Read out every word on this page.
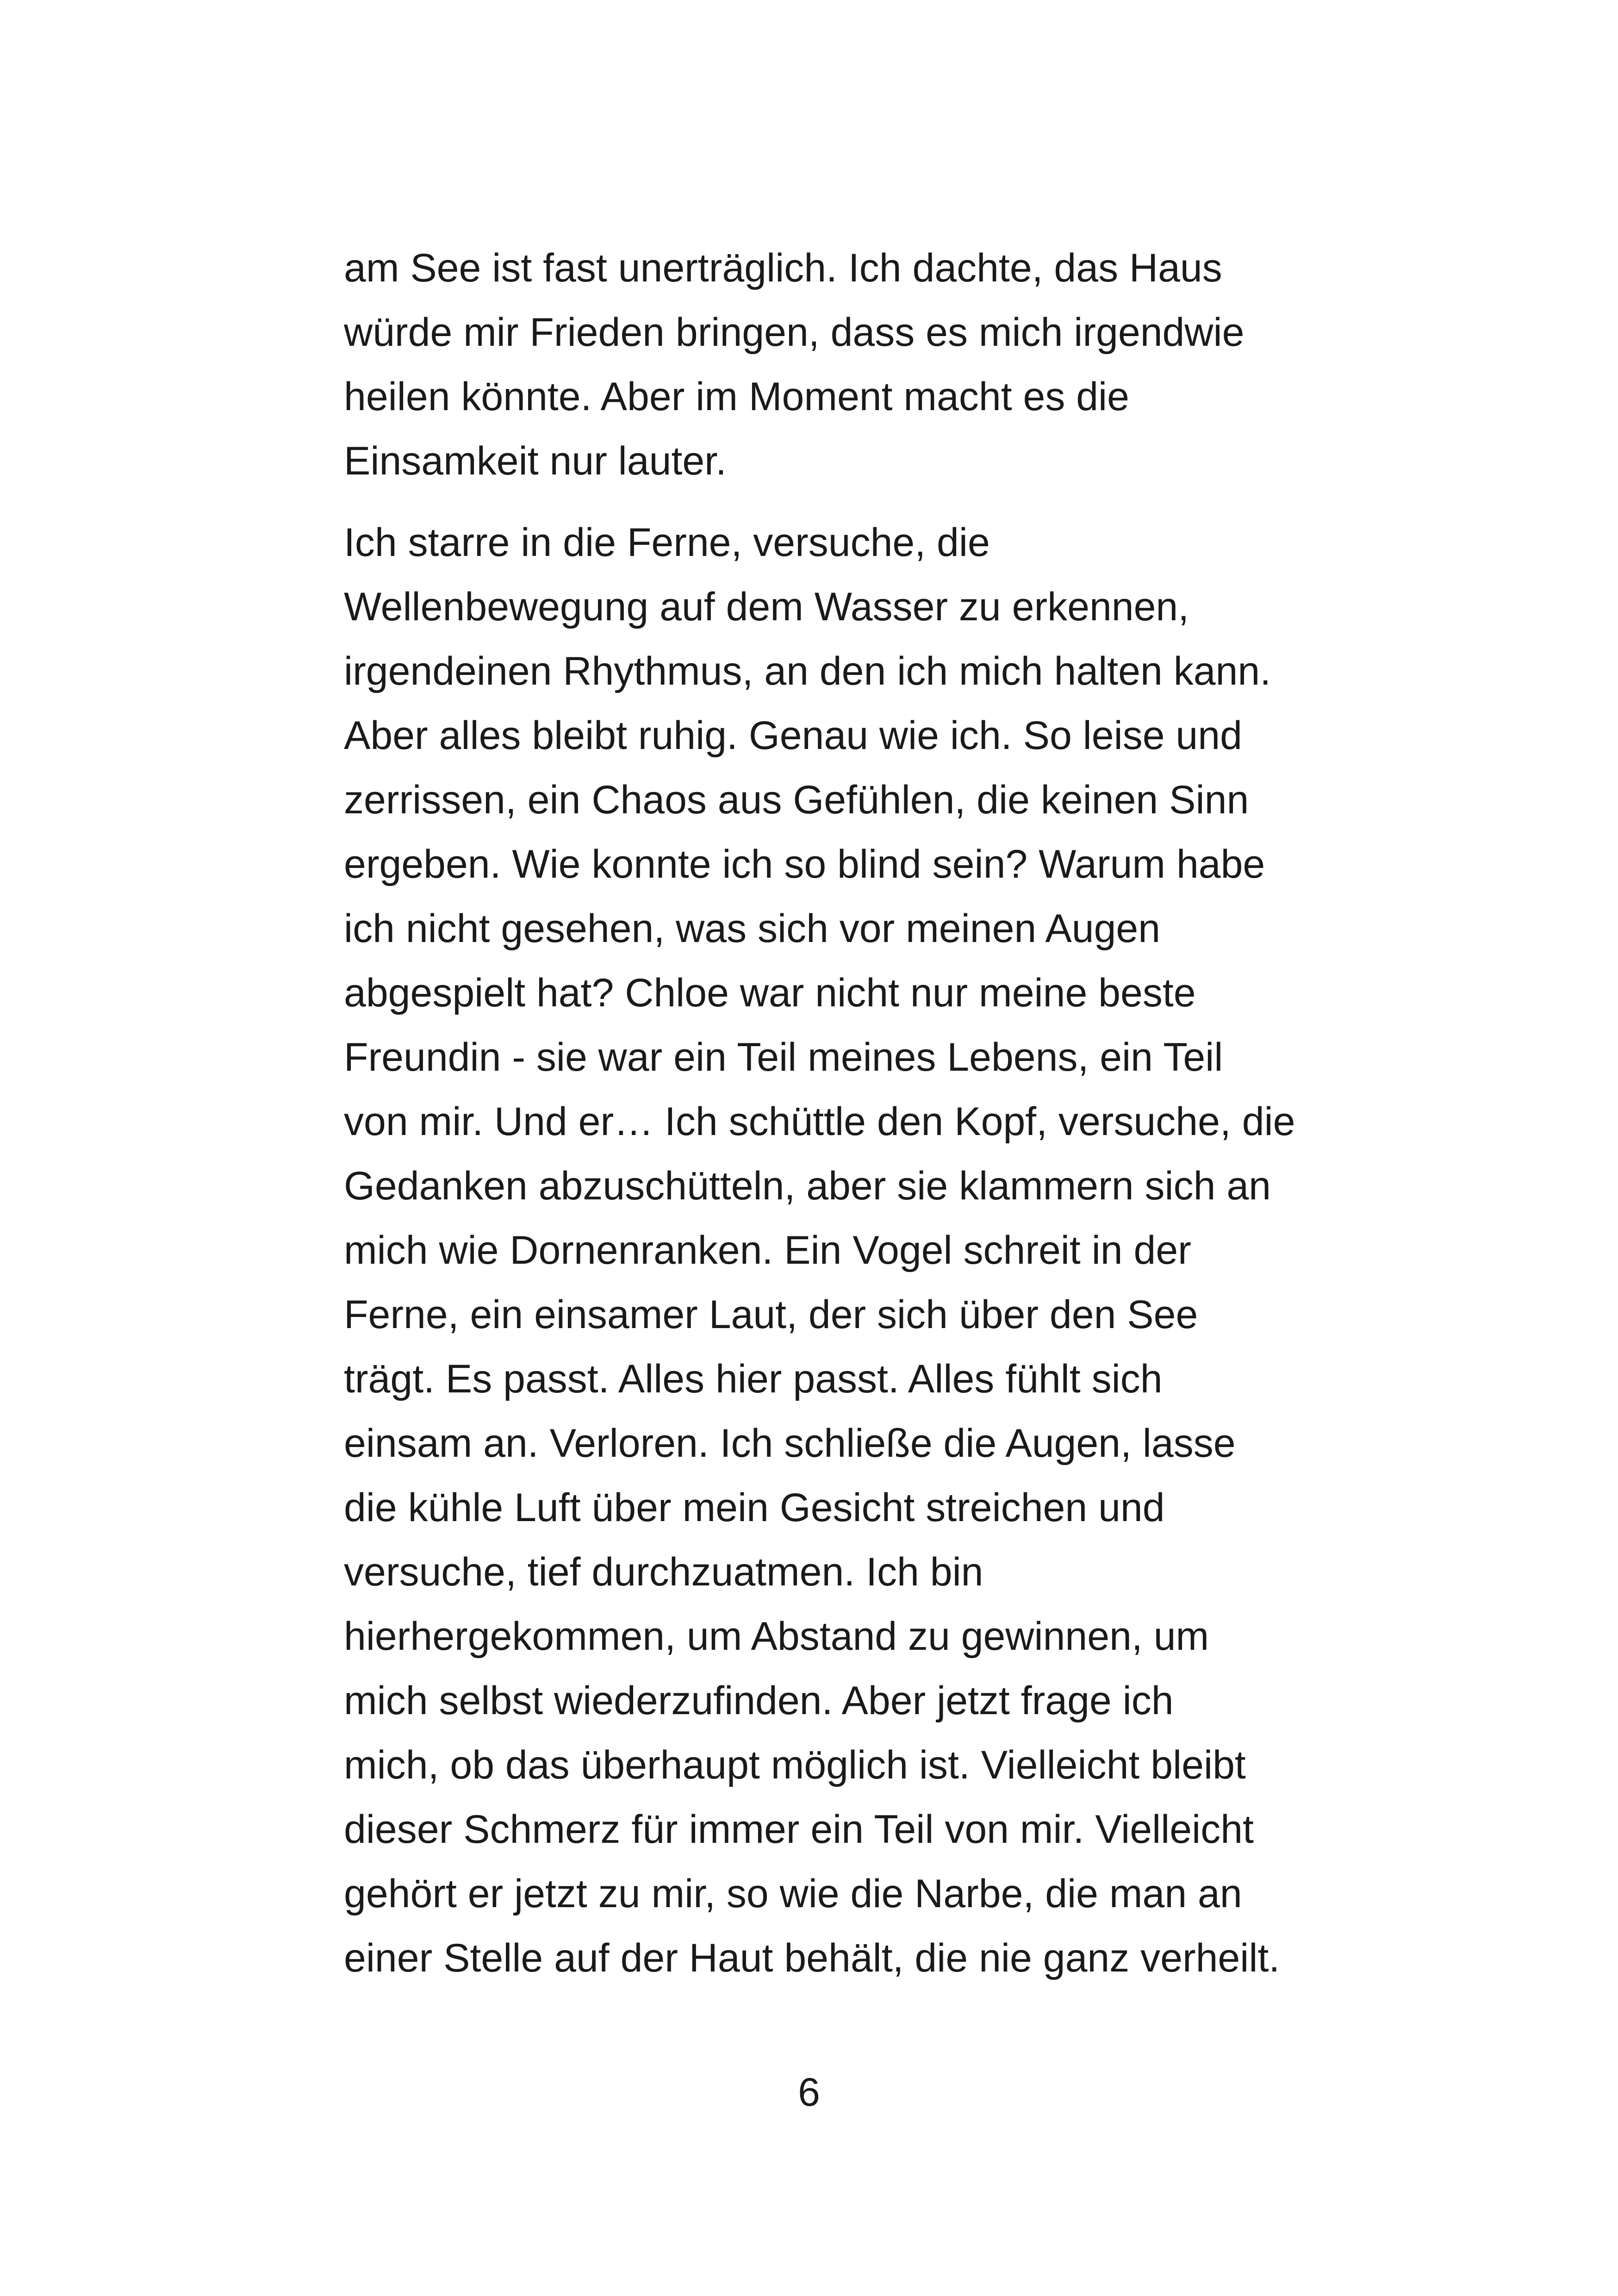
am See ist fast unerträglich. Ich dachte, das Haus
würde mir Frieden bringen, dass es mich irgendwie
heilen könnte. Aber im Moment macht es die
Einsamkeit nur lauter.

Ich starre in die Ferne, versuche, die
Wellenbewegung auf dem Wasser zu erkennen,
irgendeinen Rhythmus, an den ich mich halten kann.
Aber alles bleibt ruhig. Genau wie ich. So leise und
zerrissen, ein Chaos aus Gefühlen, die keinen Sinn
ergeben. Wie konnte ich so blind sein? Warum habe
ich nicht gesehen, was sich vor meinen Augen
abgespielt hat? Chloe war nicht nur meine beste
Freundin - sie war ein Teil meines Lebens, ein Teil
von mir. Und er… Ich schüttle den Kopf, versuche, die
Gedanken abzuschütteln, aber sie klammern sich an
mich wie Dornenranken. Ein Vogel schreit in der
Ferne, ein einsamer Laut, der sich über den See
trägt. Es passt. Alles hier passt. Alles fühlt sich
einsam an. Verloren. Ich schließe die Augen, lasse
die kühle Luft über mein Gesicht streichen und
versuche, tief durchzuatmen. Ich bin
hierhergekommen, um Abstand zu gewinnen, um
mich selbst wiederzufinden. Aber jetzt frage ich
mich, ob das überhaupt möglich ist. Vielleicht bleibt
dieser Schmerz für immer ein Teil von mir. Vielleicht
gehört er jetzt zu mir, so wie die Narbe, die man an
einer Stelle auf der Haut behält, die nie ganz verheilt.

6
